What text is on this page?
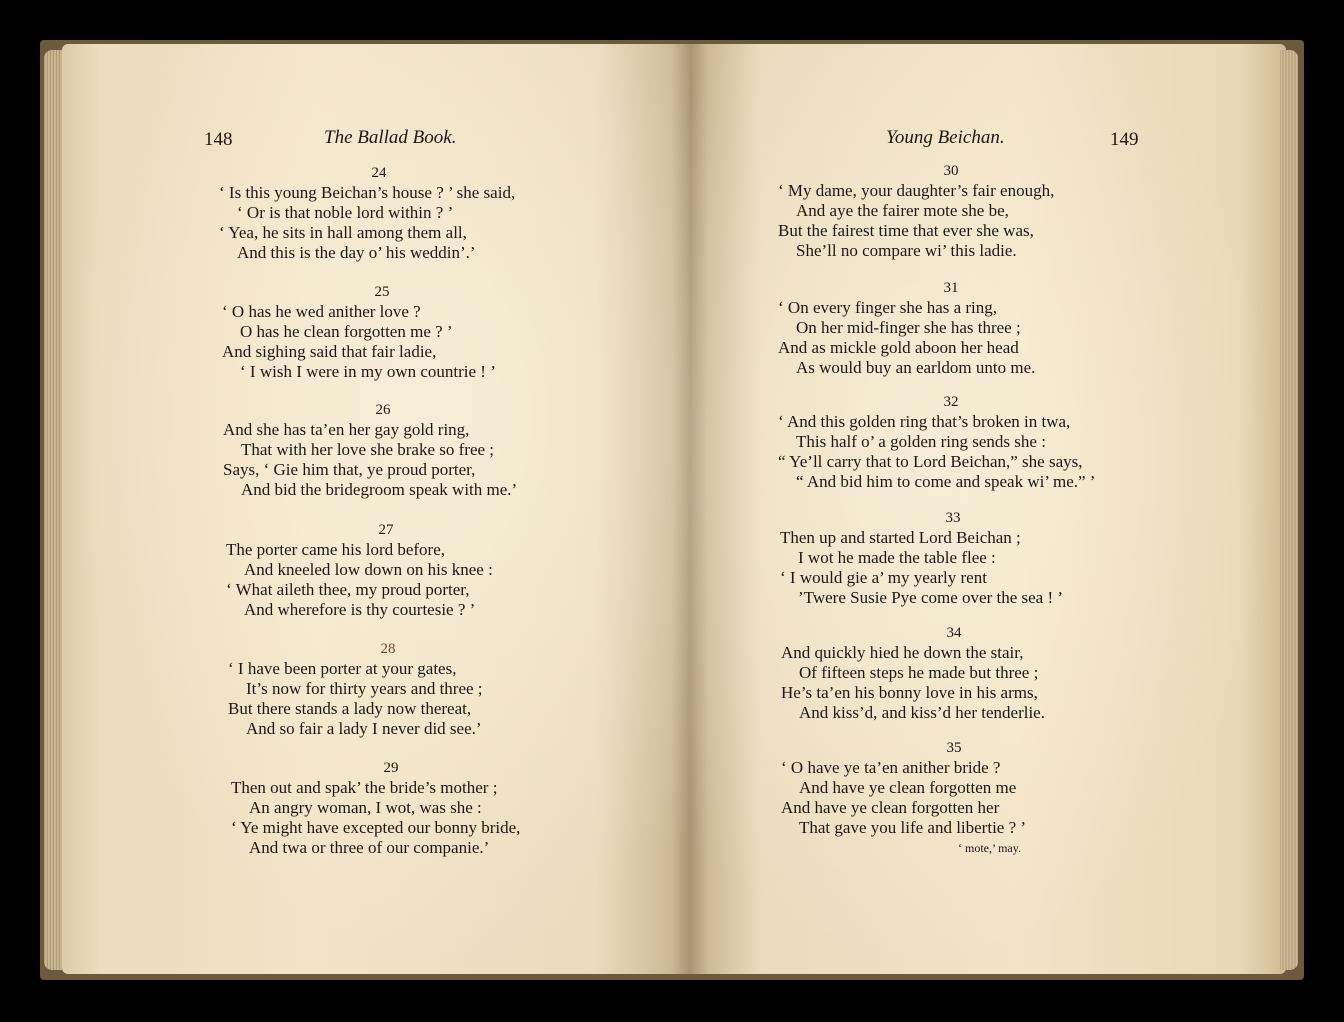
148	The Ballad Book.
24
‘ Is this young Beichan’s house ? ’ she said,
‘ Or is that noble lord within ? ’
‘ Yea, he sits in hall among them all,
And this is the day o’ his weddin’.’
25
‘ O has he wed anither love ?
O has he clean forgotten me ? ’
And sighing said that fair ladie,
‘ I wish I were in my own countrie ! ’
26
And she has ta’en her gay gold ring,
That with her love she brake so free ;
Says, ‘ Gie him that, ye proud porter,
And bid the bridegroom speak with me.’
27
The porter came his lord before,
And kneeled low down on his knee :
‘ What aileth thee, my proud porter,
And wherefore is thy courtesie ? ’
28
‘ I have been porter at your gates,
It’s now for thirty years and three ;
But there stands a lady now thereat,
And so fair a lady I never did see.’
29
Then out and spak’ the bride’s mother ;
An angry woman, I wot, was she :
‘ Ye might have excepted our bonny bride,
And twa or three of our companie.’
Young Beichan.	149
30
‘ My dame, your daughter’s fair enough,
And aye the fairer mote she be,
But the fairest time that ever she was,
She’ll no compare wi’ this ladie.
31
‘ On every finger she has a ring,
On her mid-finger she has three ;
And as mickle gold aboon her head
As would buy an earldom unto me.
32
‘ And this golden ring that’s broken in twa,
This half o’ a golden ring sends she :
“ Ye’ll carry that to Lord Beichan,” she says,
“ And bid him to come and speak wi’ me.” ’
33
Then up and started Lord Beichan ;
I wot he made the table flee :
‘ I would gie a’ my yearly rent
’Twere Susie Pye come over the sea ! ’
34
And quickly hied he down the stair,
Of fifteen steps he made but three ;
He’s ta’en his bonny love in his arms,
And kiss’d, and kiss’d her tenderlie.
35
‘ O have ye ta’en anither bride ?
And have ye clean forgotten me
And have ye clean forgotten her
That gave you life and libertie ? ’
‘ mote,’ may.
